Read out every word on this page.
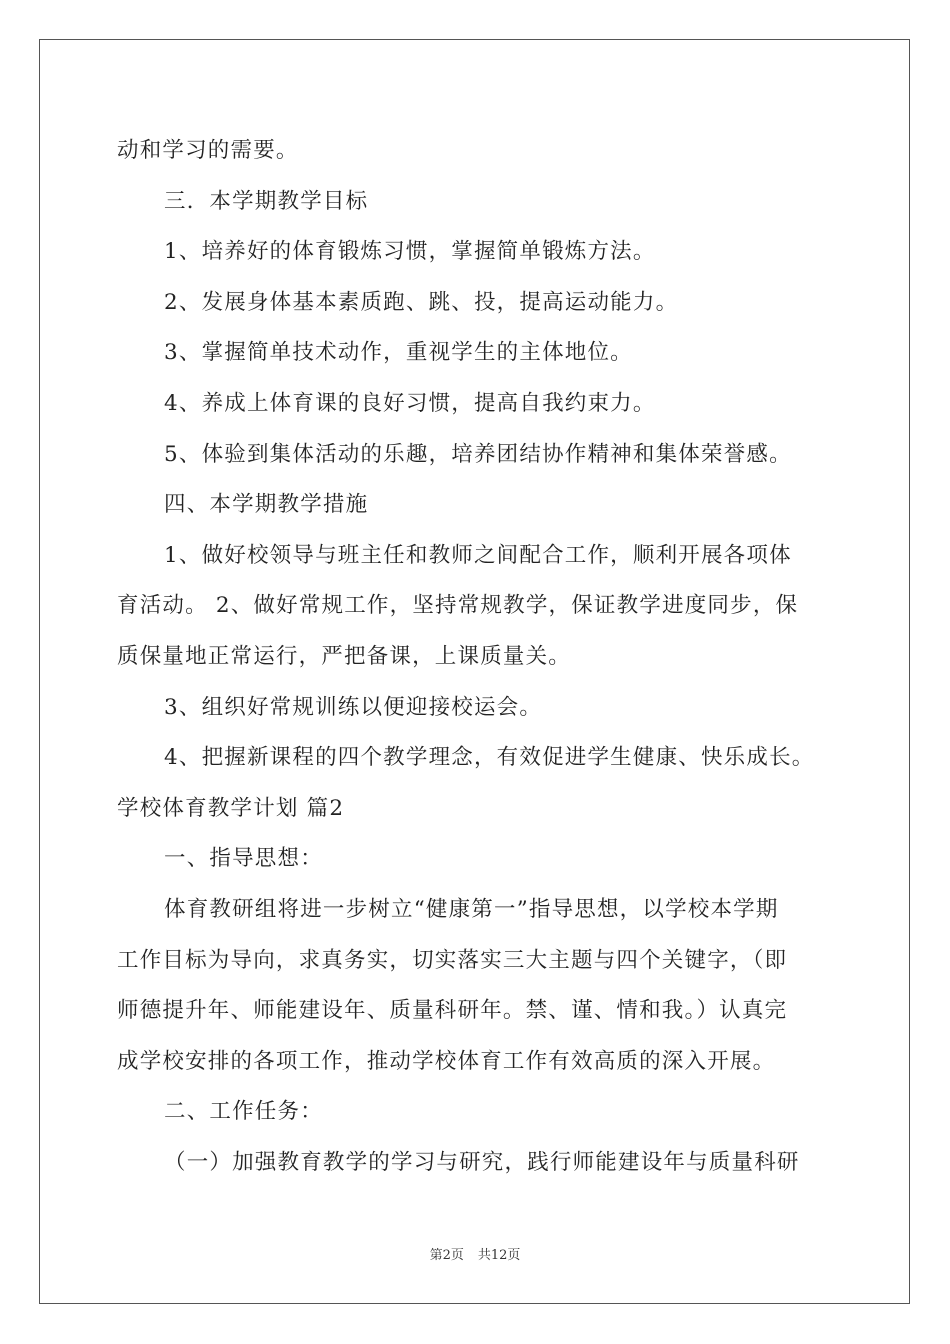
动和学习的需要。

三．本学期教学目标

1、培养好的体育锻炼习惯，掌握简单锻炼方法。

2、发展身体基本素质跑、跳、投，提高运动能力。

3、掌握简单技术动作，重视学生的主体地位。

4、养成上体育课的良好习惯，提高自我约束力。

5、体验到集体活动的乐趣，培养团结协作精神和集体荣誉感。

四、本学期教学措施

1、做好校领导与班主任和教师之间配合工作，顺利开展各项体

育活动。 2、做好常规工作，坚持常规教学，保证教学进度同步，保

质保量地正常运行，严把备课，上课质量关。

3、组织好常规训练以便迎接校运会。

4、把握新课程的四个教学理念，有效促进学生健康、快乐成长。

学校体育教学计划 篇2

一、指导思想：

体育教研组将进一步树立“健康第一”指导思想，以学校本学期

工作目标为导向，求真务实，切实落实三大主题与四个关键字，（即

师德提升年、师能建设年、质量科研年。禁、谨、情和我。）认真完

成学校安排的各项工作，推动学校体育工作有效高质的深入开展。

二、工作任务：

（一）加强教育教学的学习与研究，践行师能建设年与质量科研

第2页 共12页
